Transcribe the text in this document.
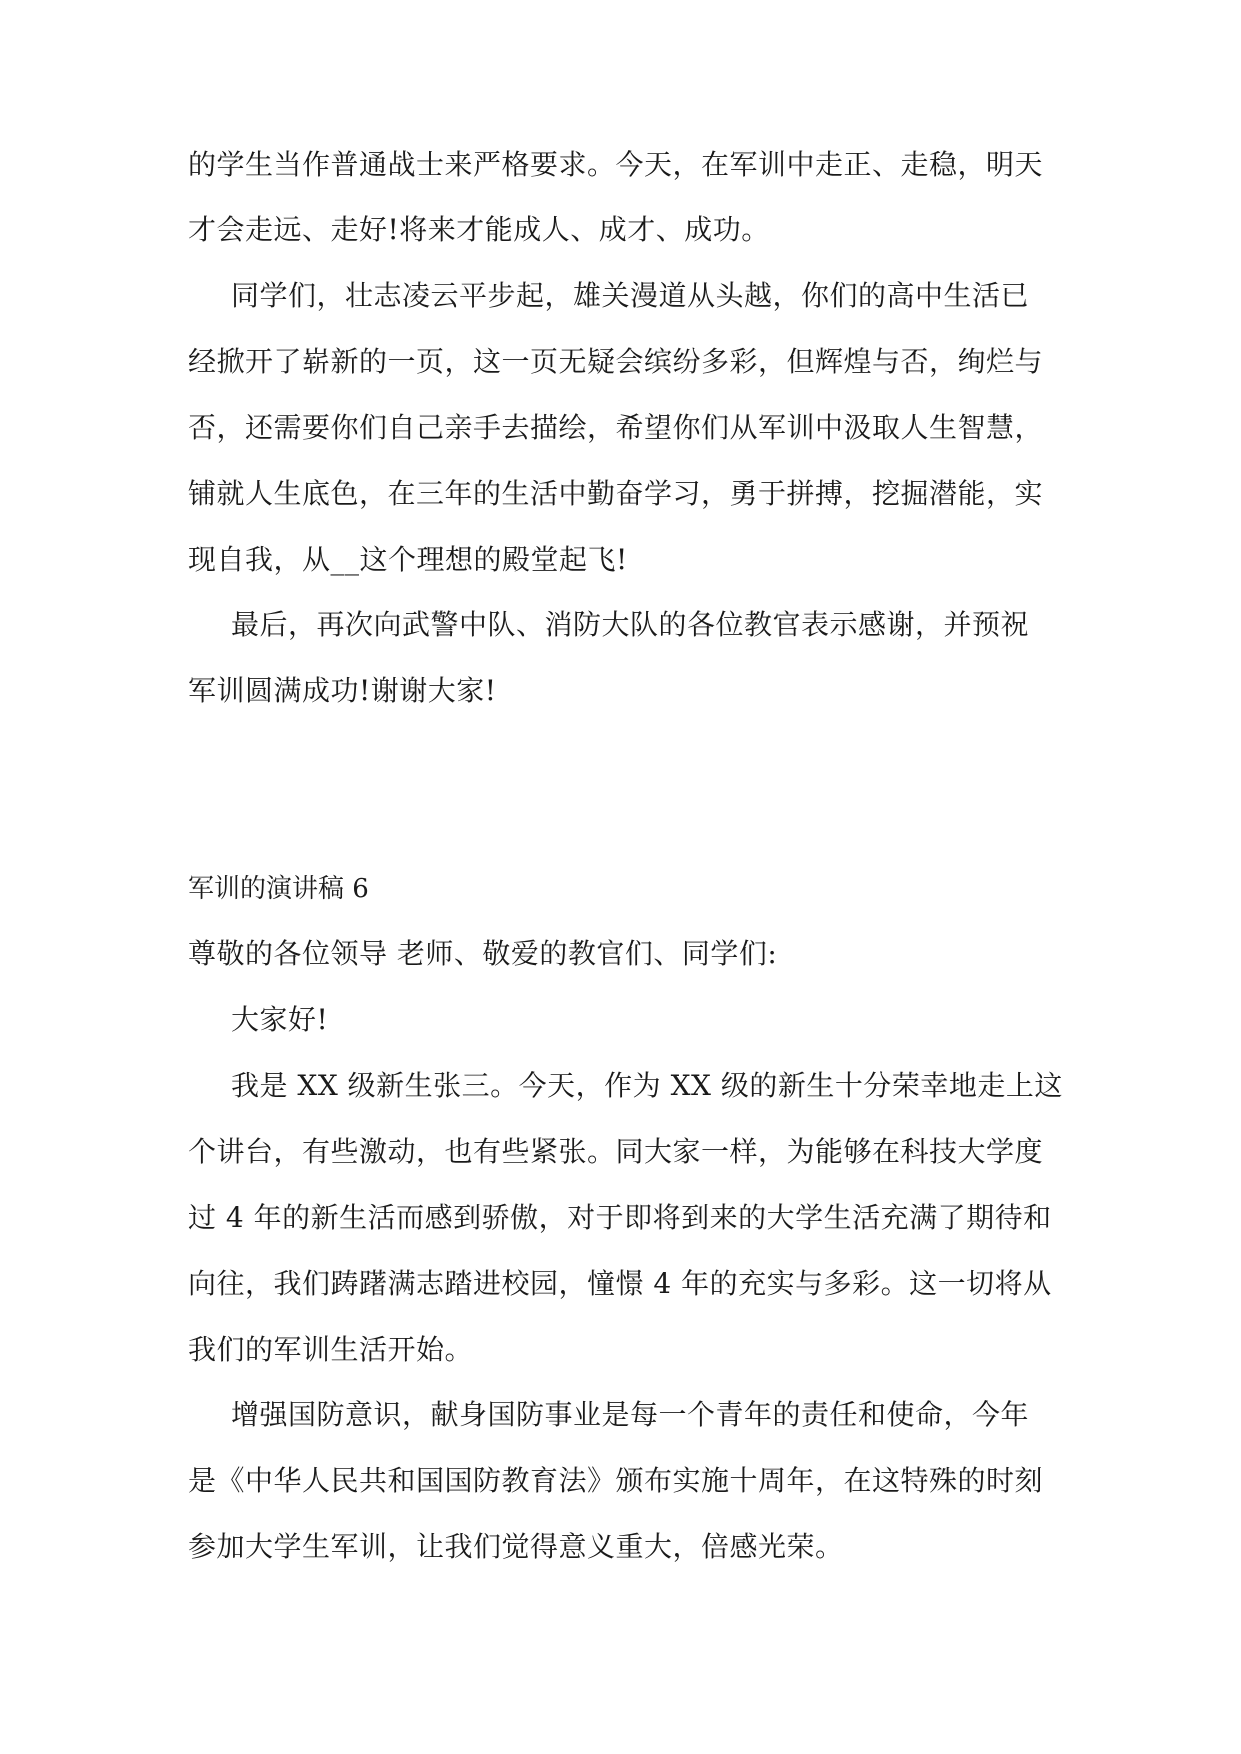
的学生当作普通战士来严格要求。今天，在军训中走正、走稳，明天
才会走远、走好!将来才能成人、成才、成功。
同学们，壮志凌云平步起，雄关漫道从头越，你们的高中生活已
经掀开了崭新的一页，这一页无疑会缤纷多彩，但辉煌与否，绚烂与
否，还需要你们自己亲手去描绘，希望你们从军训中汲取人生智慧，
铺就人生底色，在三年的生活中勤奋学习，勇于拼搏，挖掘潜能，实
现自我，从__这个理想的殿堂起飞!
最后，再次向武警中队、消防大队的各位教官表示感谢，并预祝
军训圆满成功!谢谢大家!
军训的演讲稿 6
尊敬的各位领导 老师、敬爱的教官们、同学们:
大家好!
我是 XX 级新生张三。今天，作为 XX 级的新生十分荣幸地走上这
个讲台，有些激动，也有些紧张。同大家一样，为能够在科技大学度
过 4 年的新生活而感到骄傲，对于即将到来的大学生活充满了期待和
向往，我们踌躇满志踏进校园，憧憬 4 年的充实与多彩。这一切将从
我们的军训生活开始。
增强国防意识，献身国防事业是每一个青年的责任和使命，今年
是《中华人民共和国国防教育法》颁布实施十周年，在这特殊的时刻
参加大学生军训，让我们觉得意义重大，倍感光荣。
